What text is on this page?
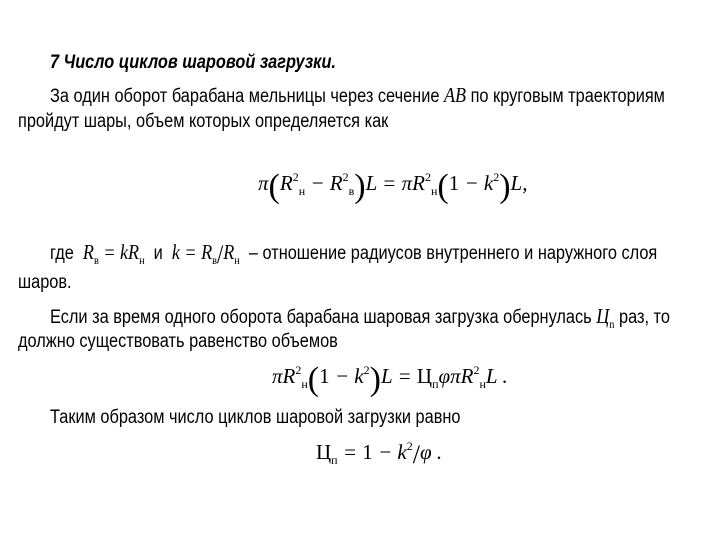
7 Число циклов шаровой загрузки.
За один оборот барабана мельницы через сечение AB по круговым траекториям
пройдут шары, объем которых определяется как
$\pi(R^2_н - R^2_в)L = \pi R^2_н(1 - k^2)L$,
где  $R_в = kR_н$ и  $k = R_в/R_н$ – отношение радиусов внутреннего и наружного слоя
шаров.
Если за время одного оборота барабана шаровая загрузка обернулась $Ц_n$ раз, то
должно существовать равенство объемов
$\pi R^2_н(1 - k^2)L = Ц_п\varphi\pi R^2_нL$ .
Таким образом число циклов шаровой загрузки равно
$Ц_п = 1 - k^2/\varphi$ .
